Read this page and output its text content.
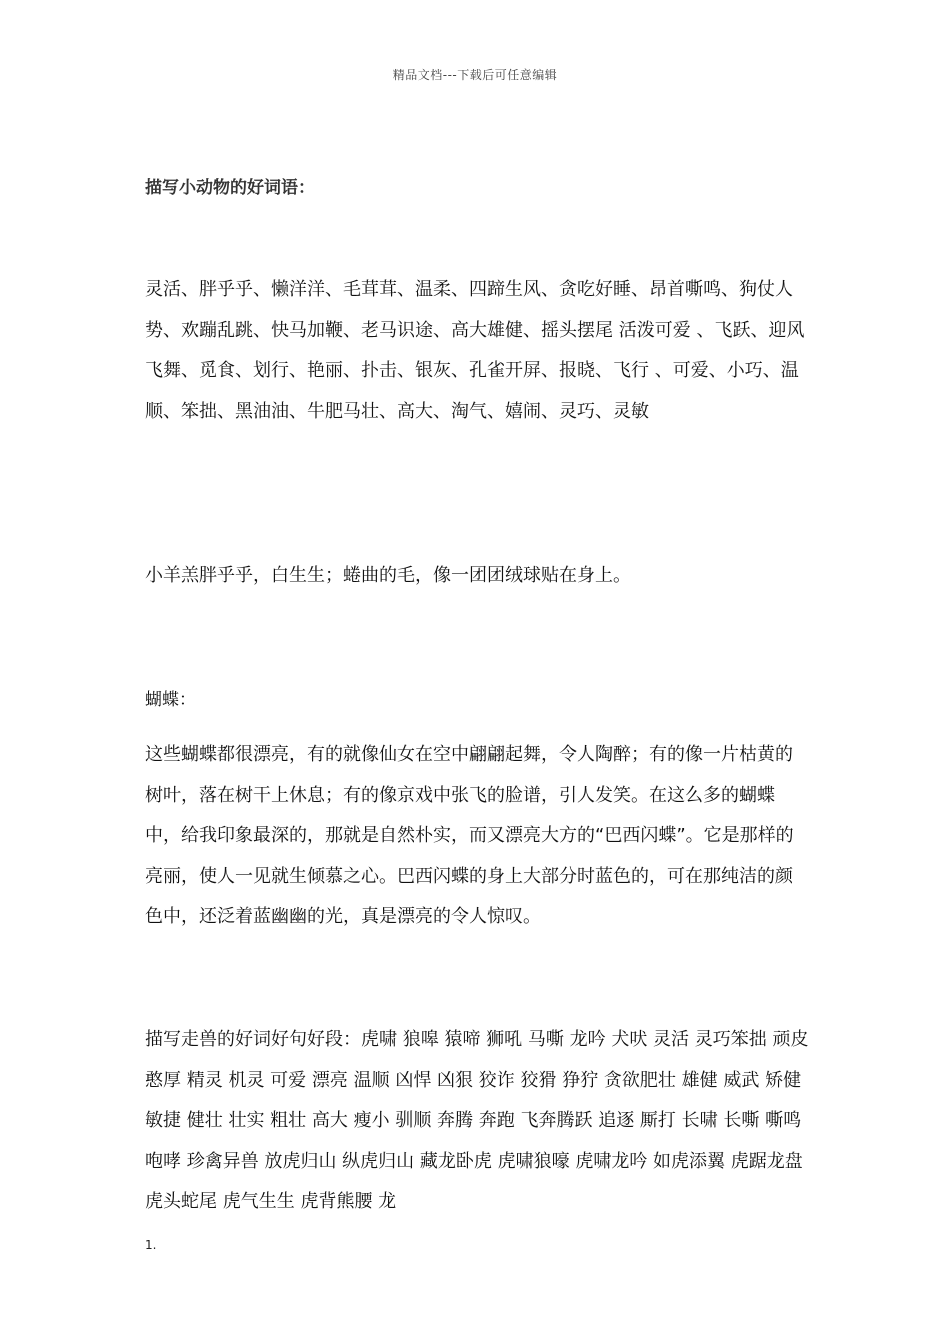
精品文档---下载后可任意编辑

描写小动物的好词语：

灵活、胖乎乎、懒洋洋、毛茸茸、温柔、四蹄生风、贪吃好睡、昂首嘶鸣、狗仗人势、欢蹦乱跳、快马加鞭、老马识途、高大雄健、摇头摆尾 活泼可爱 、飞跃、迎风飞舞、觅食、划行、艳丽、扑击、银灰、孔雀开屏、报晓、飞行 、可爱、小巧、温顺、笨拙、黑油油、牛肥马壮、高大、淘气、嬉闹、灵巧、灵敏

小羊羔胖乎乎，白生生；蜷曲的毛，像一团团绒球贴在身上。

蝴蝶：

这些蝴蝶都很漂亮，有的就像仙女在空中翩翩起舞，令人陶醉；有的像一片枯黄的树叶，落在树干上休息；有的像京戏中张飞的脸谱，引人发笑。在这么多的蝴蝶中，给我印象最深的，那就是自然朴实，而又漂亮大方的“巴西闪蝶”。它是那样的亮丽，使人一见就生倾慕之心。巴西闪蝶的身上大部分时蓝色的，可在那纯洁的颜色中，还泛着蓝幽幽的光，真是漂亮的令人惊叹。

描写走兽的好词好句好段：虎啸 狼嗥 猿啼 狮吼 马嘶 龙吟 犬吠 灵活 灵巧笨拙 顽皮 憨厚 精灵 机灵 可爱 漂亮 温顺 凶悍 凶狠 狡诈 狡猾 狰狞 贪欲肥壮 雄健 威武 矫健 敏捷 健壮 壮实 粗壮 高大 瘦小 驯顺 奔腾 奔跑 飞奔腾跃 追逐 厮打 长啸 长嘶 嘶鸣 咆哮 珍禽异兽 放虎归山 纵虎归山 藏龙卧虎 虎啸狼嚎 虎啸龙吟 如虎添翼 虎踞龙盘 虎头蛇尾 虎气生生 虎背熊腰 龙

1.
